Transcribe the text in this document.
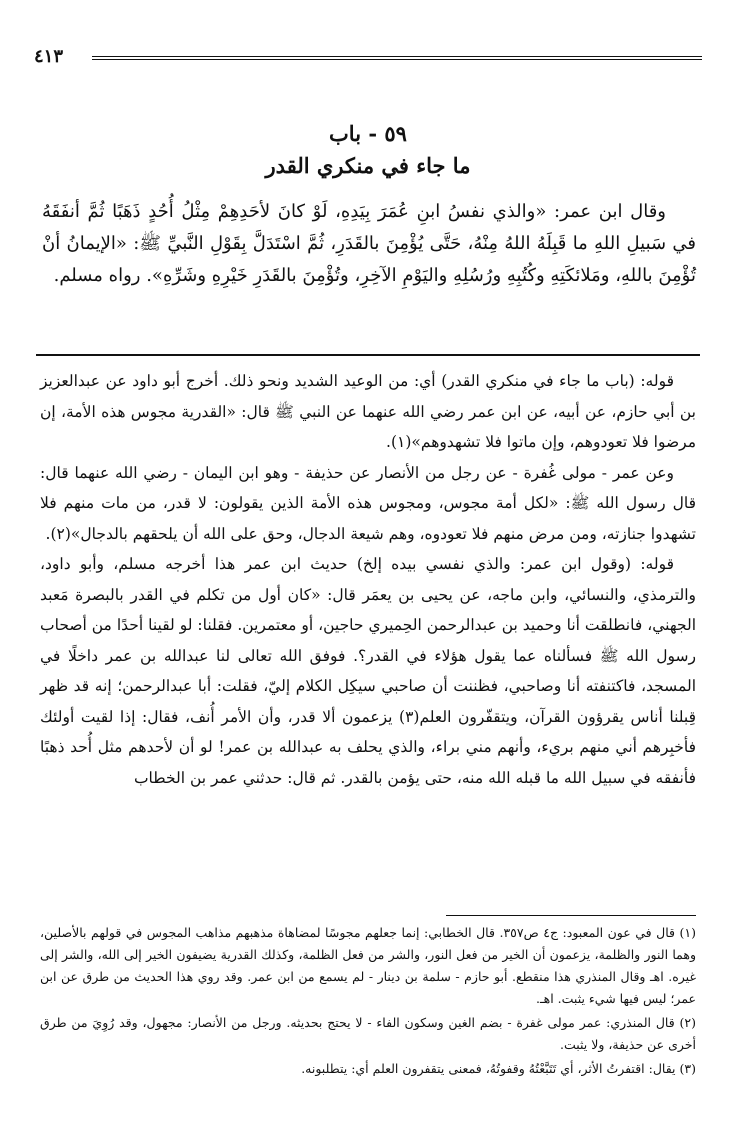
٤١٣
٥٩ - باب
ما جاء في منكري القدر

وقال ابن عمر: «والذي نفسُ ابنِ عُمَرَ بِيَدِهِ، لَوْ كانَ لأحَدِهِمْ مِثْلُ أُحُدٍ ذَهَبًا ثُمَّ أنفَقَهُ في سَبيلِ اللهِ ما قَبِلَهُ اللهُ مِنْهُ، حَتَّى يُؤْمِنَ بالقَدَرِ، ثُمَّ اسْتَدَلَّ بِقَوْلِ النَّبيِّ ﷺ: «الإيمانُ أنْ تُؤْمِنَ باللهِ، ومَلائكَتِهِ وكُتُبِهِ ورُسُلِهِ واليَوْمِ الآخِرِ، وتُؤْمِنَ بالقَدَرِ خَيْرِهِ وشَرِّهِ». رواه مسلم.

قوله: (باب ما جاء في منكري القدر) أي: من الوعيد الشديد ونحو ذلك. أخرج أبو داود عن عبدالعزيز بن أبي حازم، عن أبيه، عن ابن عمر رضي الله عنهما عن النبي ﷺ قال: «القدرية مجوس هذه الأمة، إن مرضوا فلا تعودوهم، وإن ماتوا فلا تشهدوهم»(١).

وعن عمر - مولى غُفرة - عن رجل من الأنصار عن حذيفة - وهو ابن اليمان - رضي الله عنهما قال: قال رسول الله ﷺ: «لكل أمة مجوس، ومجوس هذه الأمة الذين يقولون: لا قدر، من مات منهم فلا تشهدوا جنازته، ومن مرض منهم فلا تعودوه، وهم شيعة الدجال، وحق على الله أن يلحقهم بالدجال»(٢).

قوله: (وقول ابن عمر: والذي نفسي بيده إلخ) حديث ابن عمر هذا أخرجه مسلم، وأبو داود، والترمذي، والنسائي، وابن ماجه، عن يحيى بن يعمَر قال: «كان أول من تكلم في القدر بالبصرة مَعبد الجهني، فانطلقت أنا وحميد بن عبدالرحمن الحِميري حاجين، أو معتمرين. فقلنا: لو لقينا أحدًا من أصحاب رسول الله ﷺ فسألناه عما يقول هؤلاء في القدر؟. فوفق الله تعالى لنا عبدالله بن عمر داخلًا في المسجد، فاكتنفته أنا وصاحبي، فظننت أن صاحبي سيكِل الكلام إليّ، فقلت: أبا عبدالرحمن؛ إنه قد ظهر قِبلنا أناس يقرؤون القرآن، ويتقفّرون العلم(٣) يزعمون ألا قدر، وأن الأمر أُنف، فقال: إذا لقيت أولئك فأخبِرهم أني منهم بريء، وأنهم مني براء، والذي يحلف به عبدالله بن عمر! لو أن لأحدهم مثل أُحد ذهبًا فأنفقه في سبيل الله ما قبله الله منه، حتى يؤمن بالقدر. ثم قال: حدثني عمر بن الخطاب

(١) قال في عون المعبود: ج٤ ص٣٥٧. قال الخطابي: إنما جعلهم مجوسًا لمضاهاة مذهبهم مذاهب المجوس في قولهم بالأصلين، وهما النور والظلمة، يزعمون أن الخير من فعل النور، والشر من فعل الظلمة، وكذلك القدرية يضيفون الخير إلى الله، والشر إلى غيره. اهـ وقال المنذري هذا منقطع. أبو حازم - سلمة بن دينار - لم يسمع من ابن عمر. وقد روي هذا الحديث من طرق عن ابن عمر؛ ليس فيها شيء يثبت. اهـ.

(٢) قال المنذري: عمر مولى غفرة - بضم الغين وسكون الفاء - لا يحتج بحديثه. ورجل من الأنصار: مجهول، وقد رُوِيَ من طرق أخرى عن حذيفة، ولا يثبت.

(٣) يقال: اقتفرتُ الأثر، أي تَتَبَّعْتُهُ وقفوتُهُ، فمعنى يتقفرون العلم أي: يتطلبونه.
